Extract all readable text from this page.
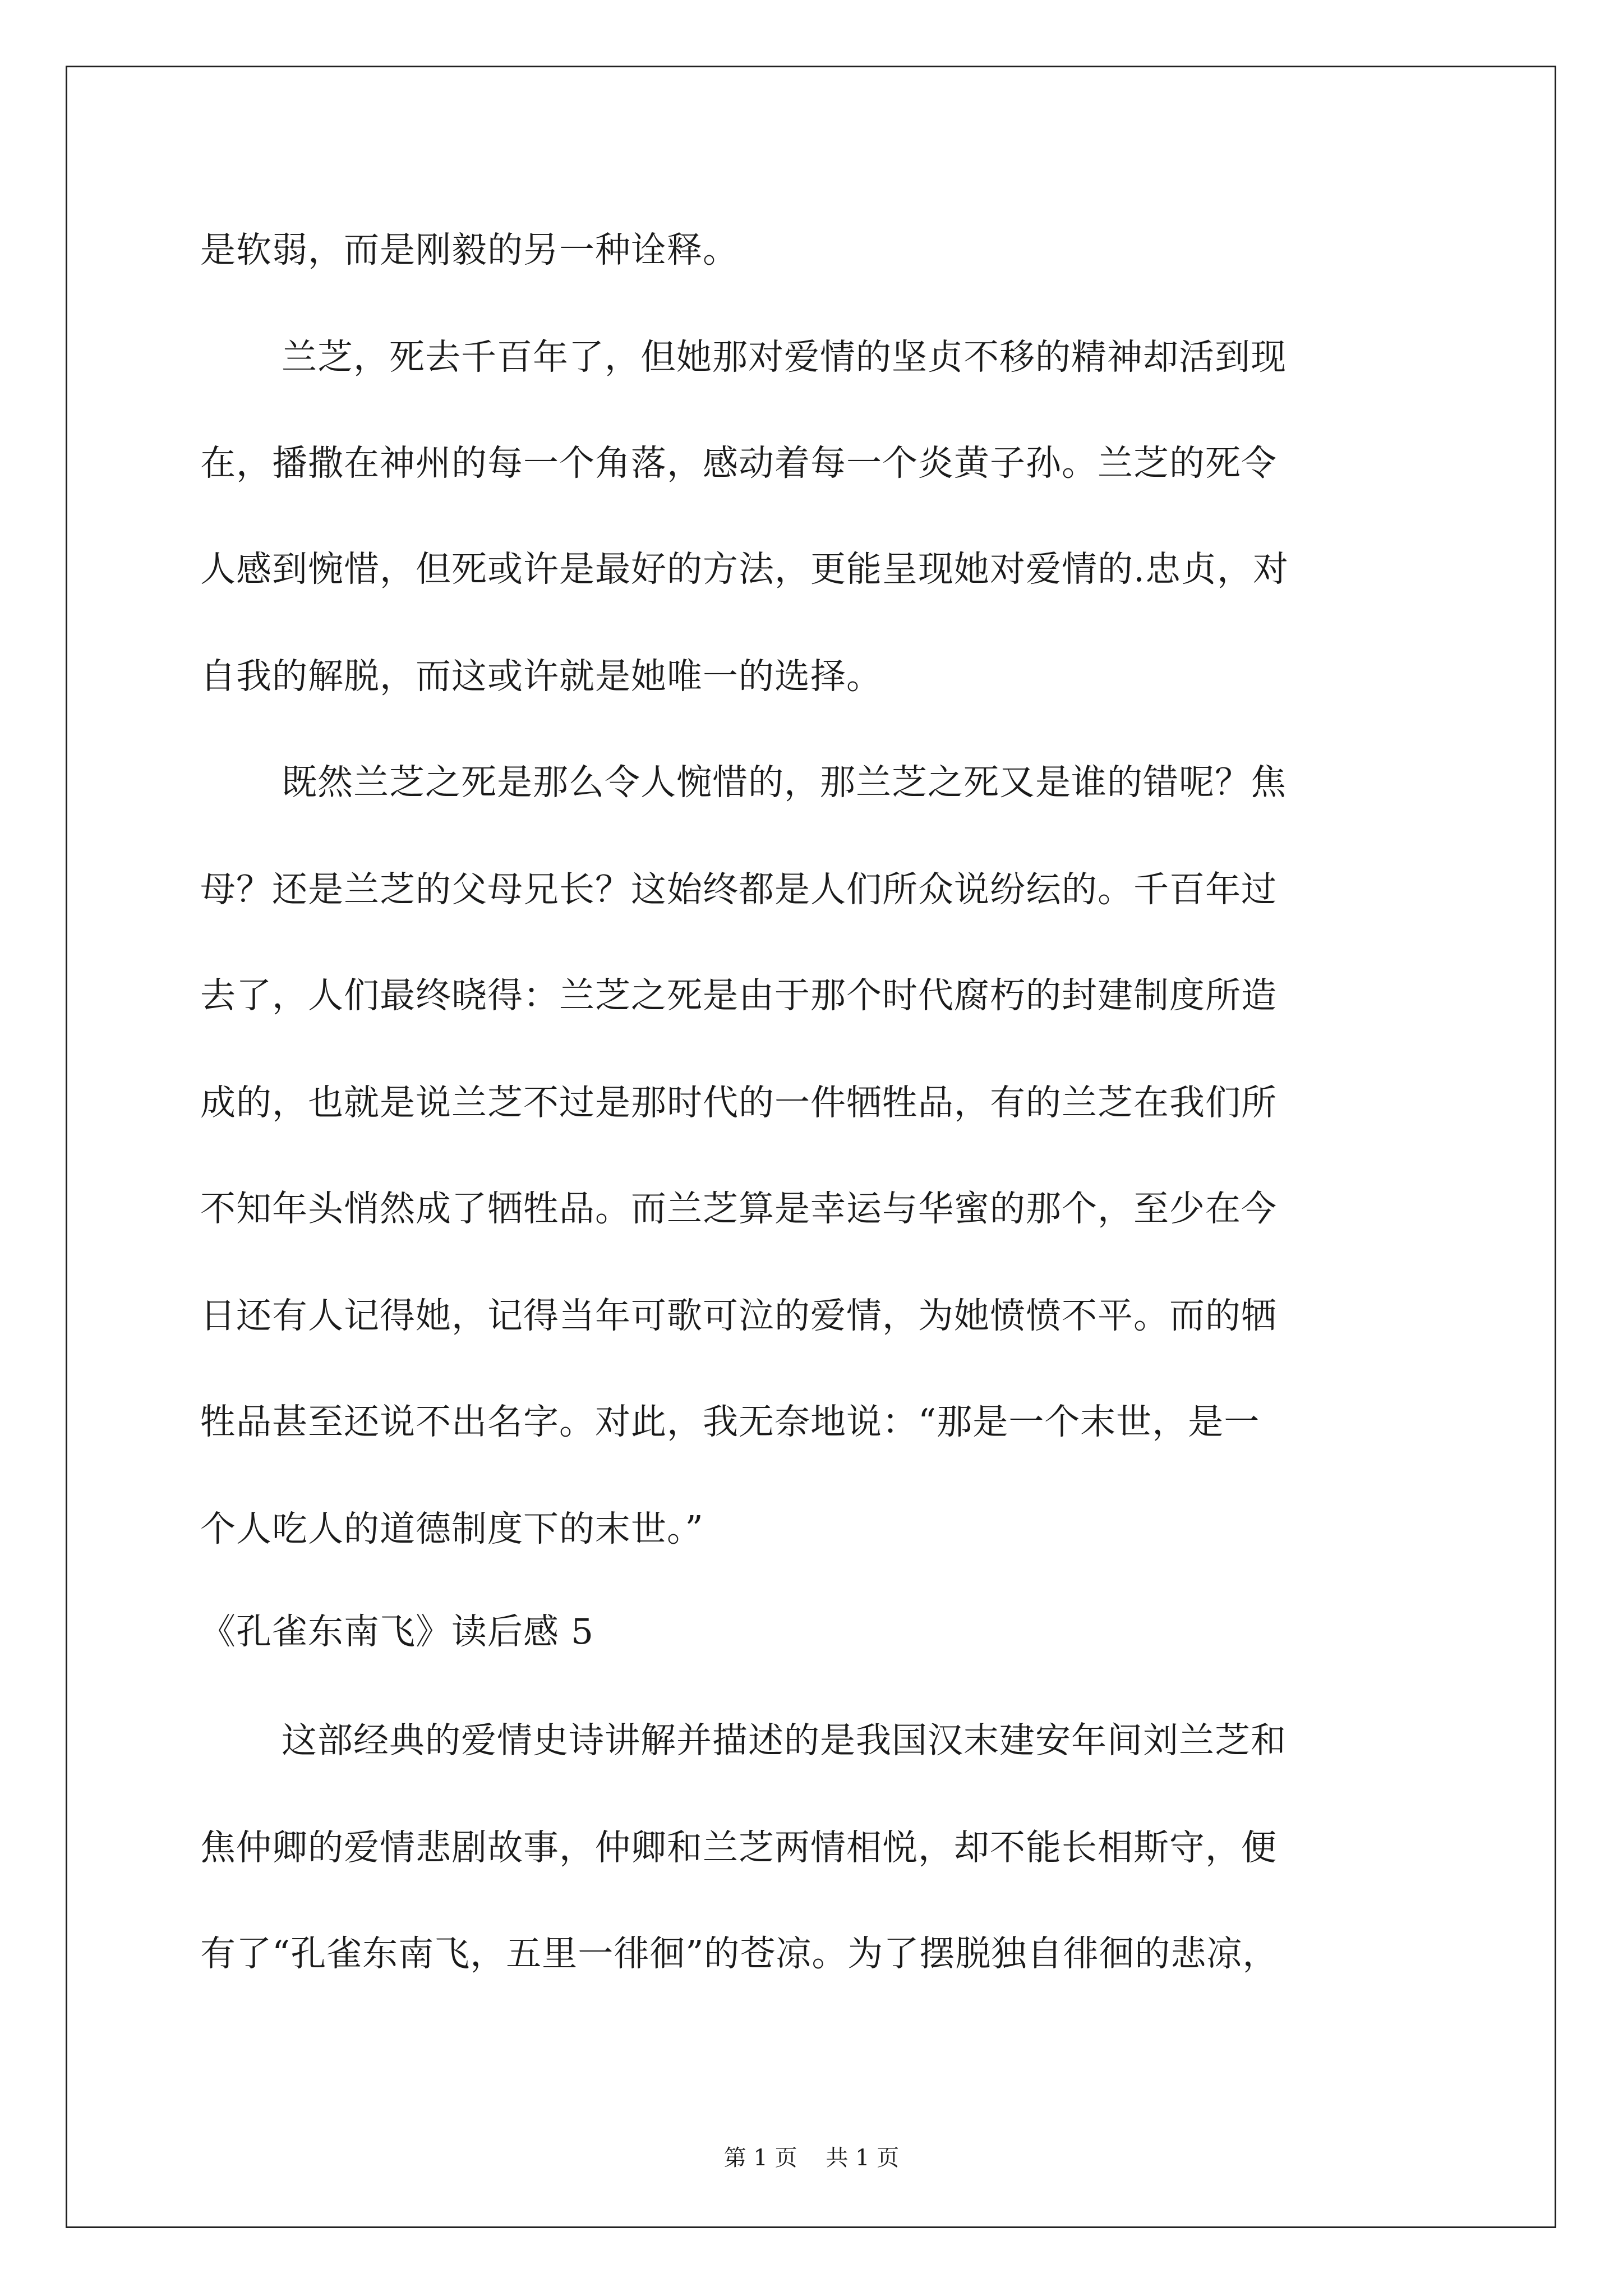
是软弱，而是刚毅的另一种诠释。
兰芝，死去千百年了，但她那对爱情的坚贞不移的精神却活到现
在，播撒在神州的每一个角落，感动着每一个炎黄子孙。兰芝的死令
人感到惋惜，但死或许是最好的方法，更能呈现她对爱情的.忠贞，对
自我的解脱，而这或许就是她唯一的选择。
既然兰芝之死是那么令人惋惜的，那兰芝之死又是谁的错呢？焦
母？还是兰芝的父母兄长？这始终都是人们所众说纷纭的。千百年过
去了，人们最终晓得：兰芝之死是由于那个时代腐朽的封建制度所造
成的，也就是说兰芝不过是那时代的一件牺牲品，有的兰芝在我们所
不知年头悄然成了牺牲品。而兰芝算是幸运与华蜜的那个，至少在今
日还有人记得她，记得当年可歌可泣的爱情，为她愤愤不平。而的牺
牲品甚至还说不出名字。对此，我无奈地说：“那是一个末世，是一
个人吃人的道德制度下的末世。”
《孔雀东南飞》读后感 5
这部经典的爱情史诗讲解并描述的是我国汉末建安年间刘兰芝和
焦仲卿的爱情悲剧故事，仲卿和兰芝两情相悦，却不能长相斯守，便
有了“孔雀东南飞，五里一徘徊”的苍凉。为了摆脱独自徘徊的悲凉，
第 1 页    共 1 页
